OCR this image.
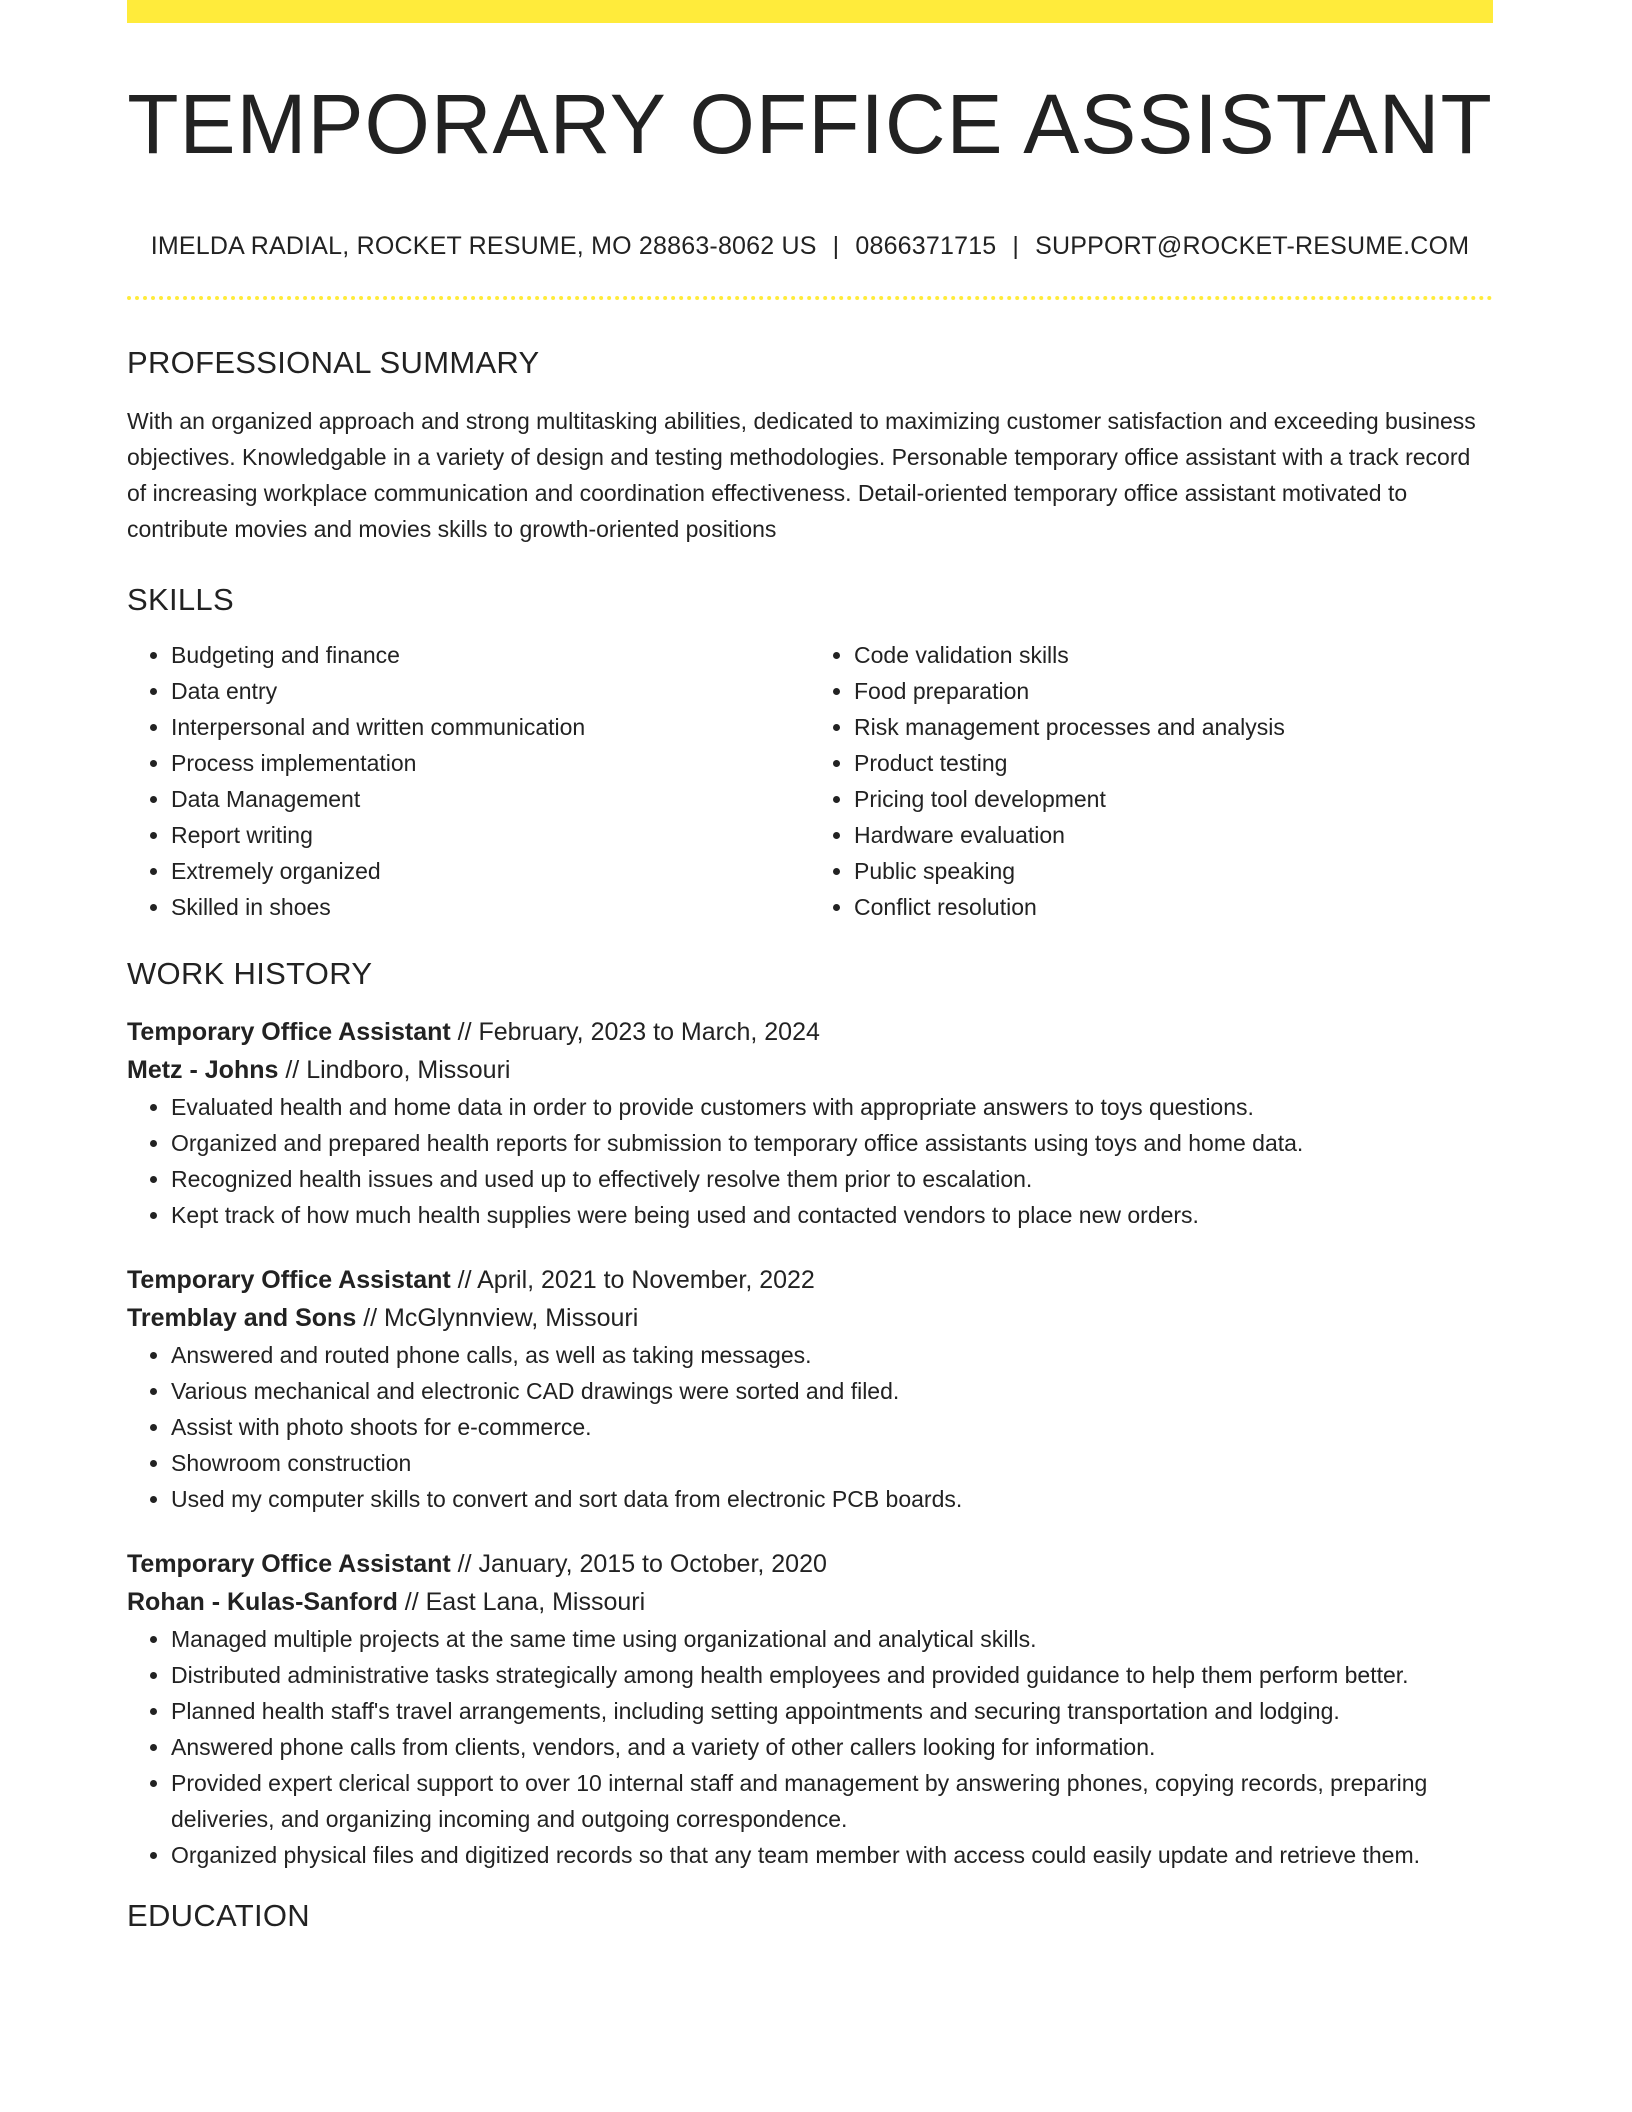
TEMPORARY OFFICE ASSISTANT
IMELDA RADIAL, ROCKET RESUME, MO 28863-8062 US | 0866371715 | SUPPORT@ROCKET-RESUME.COM
PROFESSIONAL SUMMARY
With an organized approach and strong multitasking abilities, dedicated to maximizing customer satisfaction and exceeding business objectives. Knowledgable in a variety of design and testing methodologies. Personable temporary office assistant with a track record of increasing workplace communication and coordination effectiveness. Detail-oriented temporary office assistant motivated to contribute movies and movies skills to growth-oriented positions
SKILLS
• Budgeting and finance
• Data entry
• Interpersonal and written communication
• Process implementation
• Data Management
• Report writing
• Extremely organized
• Skilled in shoes
• Code validation skills
• Food preparation
• Risk management processes and analysis
• Product testing
• Pricing tool development
• Hardware evaluation
• Public speaking
• Conflict resolution
WORK HISTORY
Temporary Office Assistant // February, 2023 to March, 2024
Metz - Johns // Lindboro, Missouri
• Evaluated health and home data in order to provide customers with appropriate answers to toys questions.
• Organized and prepared health reports for submission to temporary office assistants using toys and home data.
• Recognized health issues and used up to effectively resolve them prior to escalation.
• Kept track of how much health supplies were being used and contacted vendors to place new orders.
Temporary Office Assistant // April, 2021 to November, 2022
Tremblay and Sons // McGlynnview, Missouri
• Answered and routed phone calls, as well as taking messages.
• Various mechanical and electronic CAD drawings were sorted and filed.
• Assist with photo shoots for e-commerce.
• Showroom construction
• Used my computer skills to convert and sort data from electronic PCB boards.
Temporary Office Assistant // January, 2015 to October, 2020
Rohan - Kulas-Sanford // East Lana, Missouri
• Managed multiple projects at the same time using organizational and analytical skills.
• Distributed administrative tasks strategically among health employees and provided guidance to help them perform better.
• Planned health staff's travel arrangements, including setting appointments and securing transportation and lodging.
• Answered phone calls from clients, vendors, and a variety of other callers looking for information.
• Provided expert clerical support to over 10 internal staff and management by answering phones, copying records, preparing deliveries, and organizing incoming and outgoing correspondence.
• Organized physical files and digitized records so that any team member with access could easily update and retrieve them.
EDUCATION
